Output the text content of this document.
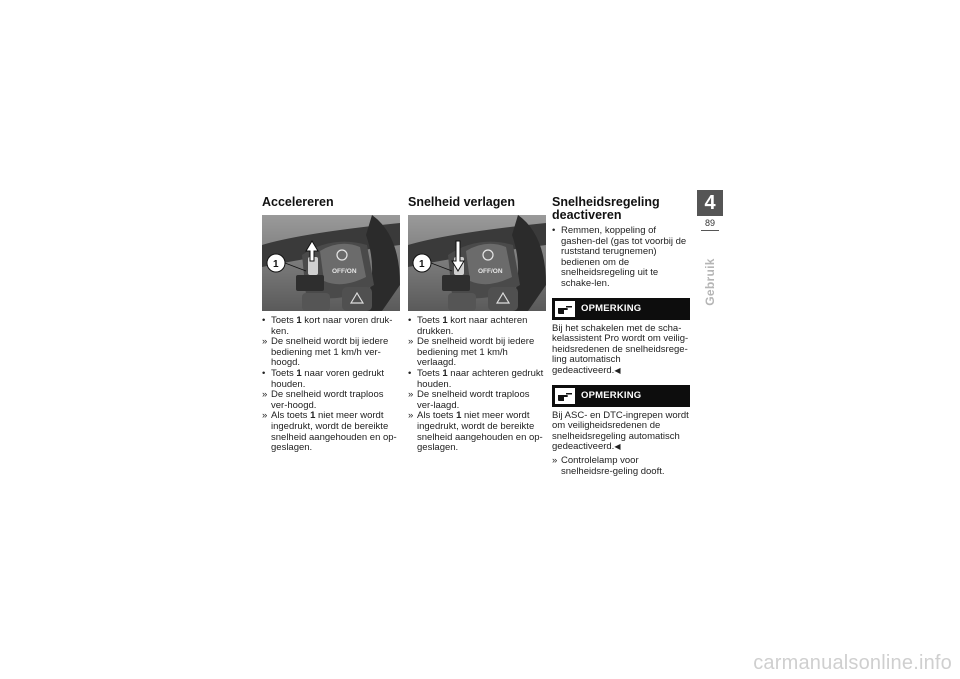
Accelereren
OFF/ON
1
• Toets 1 kort naar voren druk-ken.
» De snelheid wordt bij iedere bediening met 1 km/h ver-hoogd.
• Toets 1 naar voren gedrukt houden.
» De snelheid wordt traploos ver-hoogd.
» Als toets 1 niet meer wordt ingedrukt, wordt de bereikte snelheid aangehouden en op-geslagen.
Snelheid verlagen
OFF/ON
1
• Toets 1 kort naar achteren drukken.
» De snelheid wordt bij iedere bediening met 1 km/h verlaagd.
• Toets 1 naar achteren gedrukt houden.
» De snelheid wordt traploos ver-laagd.
» Als toets 1 niet meer wordt ingedrukt, wordt de bereikte snelheid aangehouden en op-geslagen.
Snelheidsregeling deactiveren
• Remmen, koppeling of gashen-del (gas tot voorbij de ruststand terugnemen) bedienen om de snelheidsregeling uit te schake-len.
OPMERKING

Bij het schakelen met de scha-kelassistent Pro wordt om veilig-heidsredenen de snelheidsrege-ling automatisch gedeactiveerd.◀

OPMERKING

Bij ASC- en DTC-ingrepen wordt om veiligheidsredenen de snelheidsregeling automatisch gedeactiveerd.◀

» Controlelamp voor snelheidsre-geling dooft.
4
89
Gebruik
carmanualsonline.info
